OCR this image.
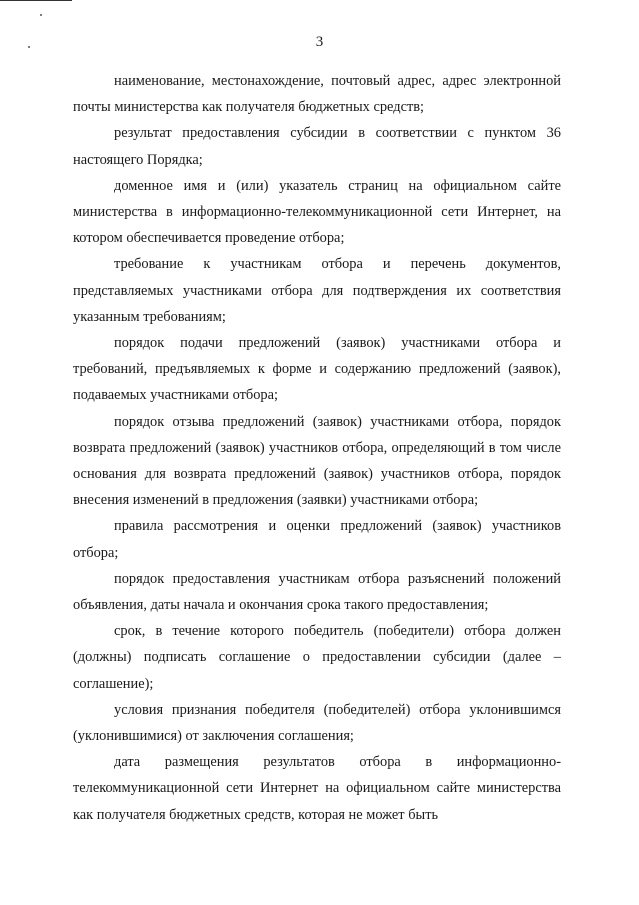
3

наименование, местонахождение, почтовый адрес, адрес электронной почты министерства как получателя бюджетных средств;

результат предоставления субсидии в соответствии с пунктом 36 настоящего Порядка;

доменное имя и (или) указатель страниц на официальном сайте министерства в информационно-телекоммуникационной сети Интернет, на котором обеспечивается проведение отбора;

требование к участникам отбора и перечень документов, представляемых участниками отбора для подтверждения их соответствия указанным требованиям;

порядок подачи предложений (заявок) участниками отбора и требований, предъявляемых к форме и содержанию предложений (заявок), подаваемых участниками отбора;

порядок отзыва предложений (заявок) участниками отбора, порядок возврата предложений (заявок) участников отбора, определяющий в том числе основания для возврата предложений (заявок) участников отбора, порядок внесения изменений в предложения (заявки) участниками отбора;

правила рассмотрения и оценки предложений (заявок) участников отбора;

порядок предоставления участникам отбора разъяснений положений объявления, даты начала и окончания срока такого предоставления;

срок, в течение которого победитель (победители) отбора должен (должны) подписать соглашение о предоставлении субсидии (далее – соглашение);

условия признания победителя (победителей) отбора уклонившимся (уклонившимися) от заключения соглашения;

дата размещения результатов отбора в информационно-телекоммуникационной сети Интернет на официальном сайте министерства как получателя бюджетных средств, которая не может быть
